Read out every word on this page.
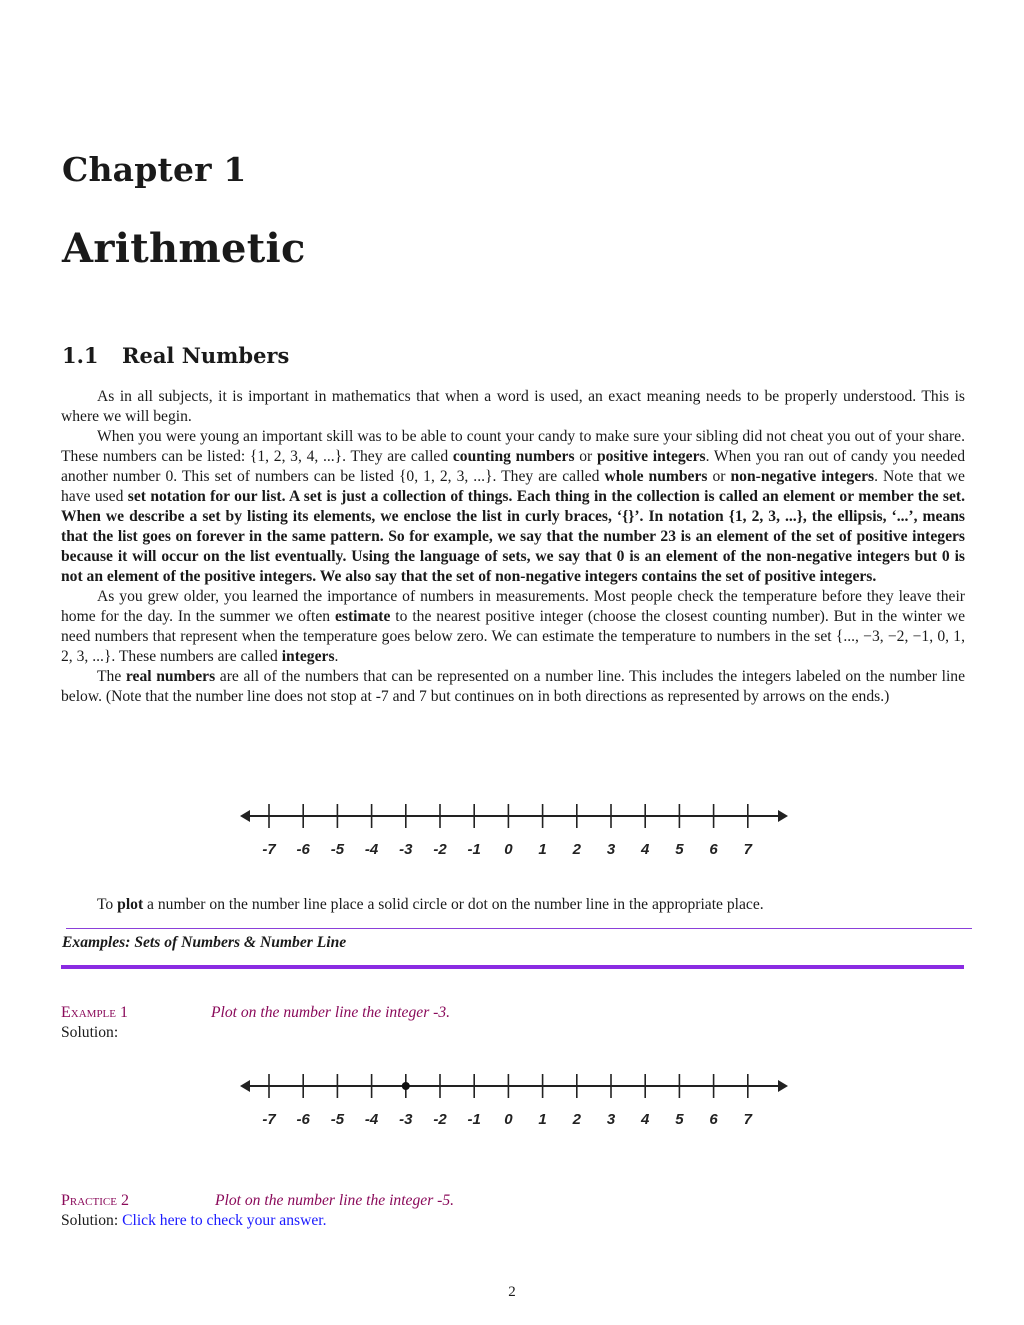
Chapter 1
Arithmetic
1.1 Real Numbers

As in all subjects, it is important in mathematics that when a word is used, an exact meaning needs to be properly understood. This is where we will begin.

When you were young an important skill was to be able to count your candy to make sure your sibling did not cheat you out of your share. These numbers can be listed: {1, 2, 3, 4, ...}. They are called counting numbers or positive integers. When you ran out of candy you needed another number 0. This set of numbers can be listed {0, 1, 2, 3, ...}. They are called whole numbers or non-negative integers. Note that we have used set notation for our list. A set is just a collection of things. Each thing in the collection is called an element or member the set. When we describe a set by listing its elements, we enclose the list in curly braces, ‘{}’. In notation {1, 2, 3, ...}, the ellipsis, ‘...’, means that the list goes on forever in the same pattern. So for example, we say that the number 23 is an element of the set of positive integers because it will occur on the list eventually. Using the language of sets, we say that 0 is an element of the non-negative integers but 0 is not an element of the positive integers. We also say that the set of non-negative integers contains the set of positive integers.

As you grew older, you learned the importance of numbers in measurements. Most people check the temperature before they leave their home for the day. In the summer we often estimate to the nearest positive integer (choose the closest counting number). But in the winter we need numbers that represent when the temperature goes below zero. We can estimate the temperature to numbers in the set {..., −3, −2, −1, 0, 1, 2, 3, ...}. These numbers are called integers.

The real numbers are all of the numbers that can be represented on a number line. This includes the integers labeled on the number line below. (Note that the number line does not stop at -7 and 7 but continues on in both directions as represented by arrows on the ends.)

-7 -6 -5 -4 -3 -2 -1 0 1 2 3 4 5 6 7
To plot a number on the number line place a solid circle or dot on the number line in the appropriate place.
Examples: Sets of Numbers & Number Line
Example 1	Plot on the number line the integer -3.
Solution:
-7 -6 -5 -4 -3 -2 -1 0 1 2 3 4 5 6 7
Practice 2	Plot on the number line the integer -5.
Solution: Click here to check your answer.
2
